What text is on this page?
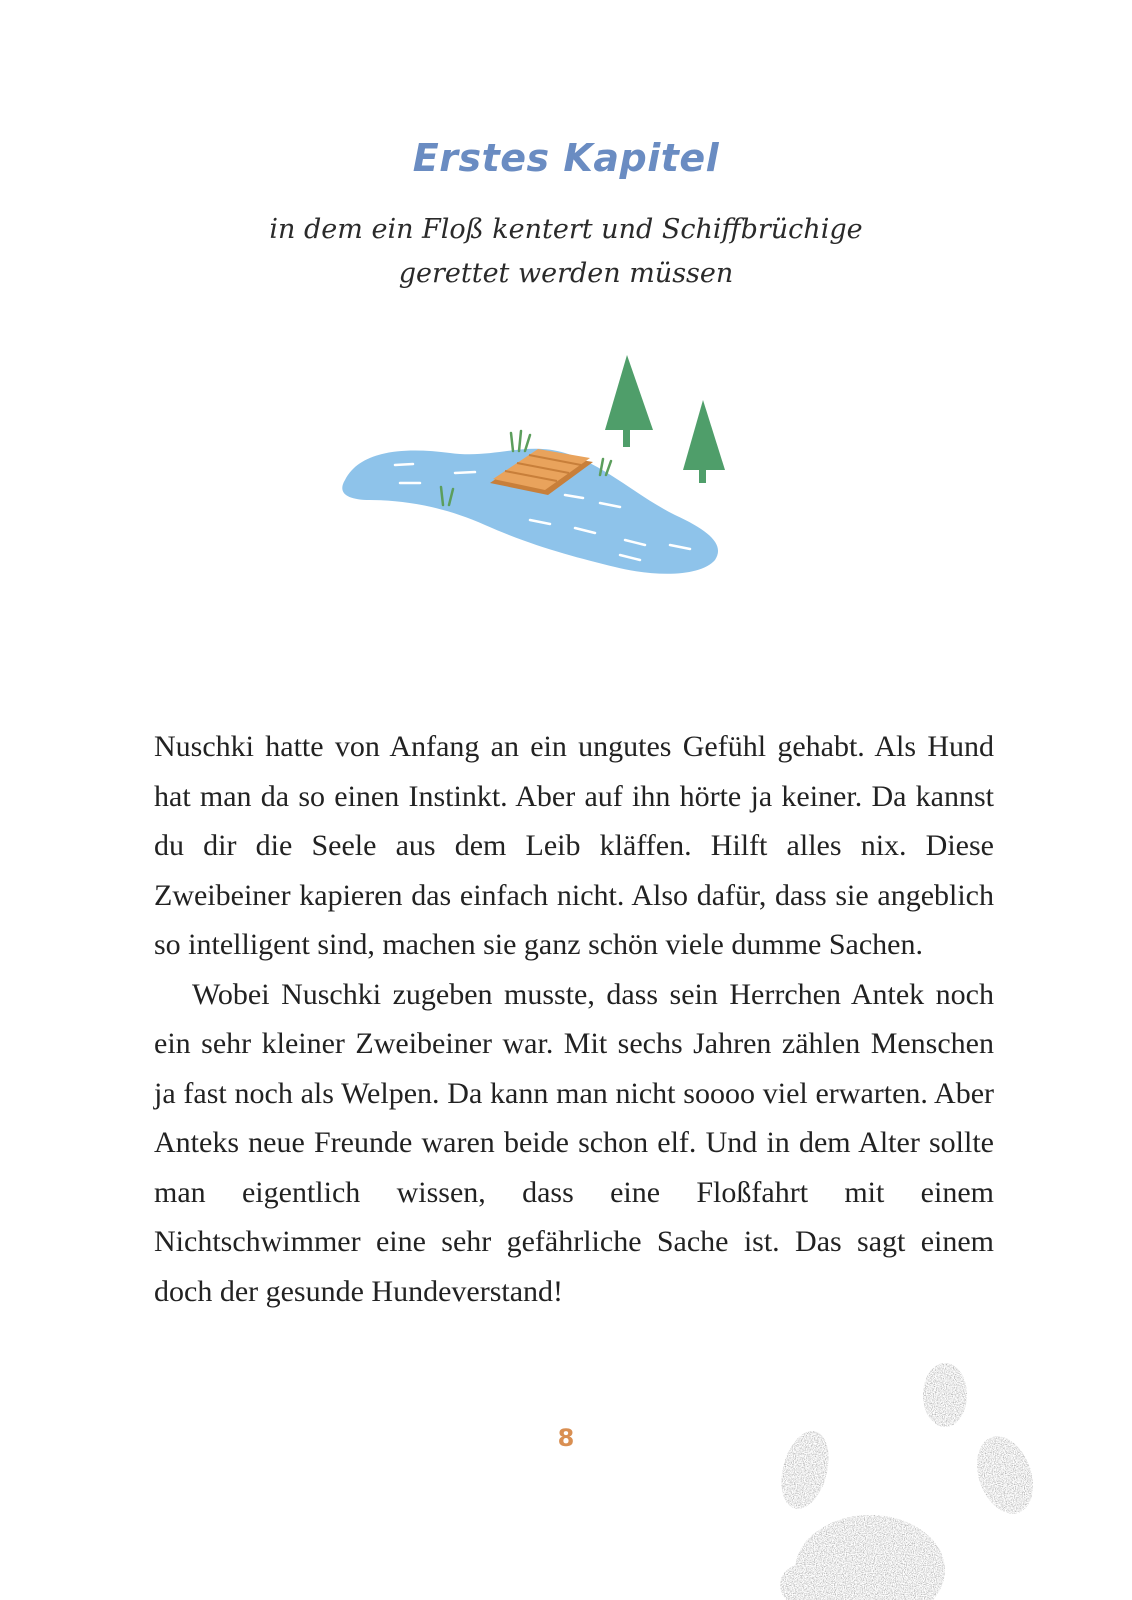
Erstes Kapitel
in dem ein Floß kentert und Schiffbrüchige
gerettet werden müssen

Nuschki hatte von Anfang an ein ungutes Gefühl gehabt. Als Hund hat man da so einen Instinkt. Aber auf ihn hörte ja keiner. Da kannst du dir die Seele aus dem Leib kläffen. Hilft alles nix. Diese Zweibeiner kapieren das einfach nicht. Also dafür, dass sie angeblich so intelligent sind, machen sie ganz schön viele dumme Sachen.

Wobei Nuschki zugeben musste, dass sein Herrchen Antek noch ein sehr kleiner Zweibeiner war. Mit sechs Jahren zählen Menschen ja fast noch als Welpen. Da kann man nicht soooo viel erwarten. Aber Anteks neue Freunde waren beide schon elf. Und in dem Alter sollte man eigentlich wissen, dass eine Floßfahrt mit einem Nichtschwimmer eine sehr gefährliche Sache ist. Das sagt einem doch der gesunde Hundeverstand!

8
